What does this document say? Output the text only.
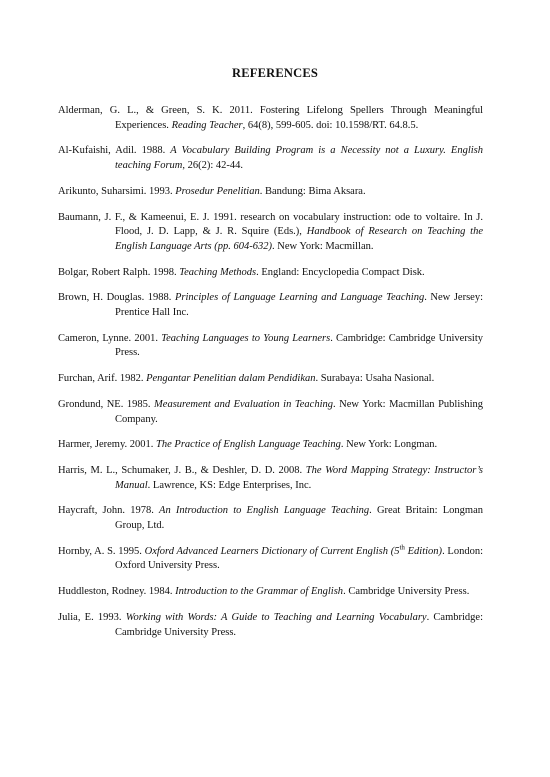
REFERENCES

Alderman, G. L., & Green, S. K. 2011. Fostering Lifelong Spellers Through Meaningful Experiences. Reading Teacher, 64(8), 599-605. doi: 10.1598/RT. 64.8.5.

Al-Kufaishi, Adil. 1988. A Vocabulary Building Program is a Necessity not a Luxury. English teaching Forum, 26(2): 42-44.

Arikunto, Suharsimi. 1993. Prosedur Penelitian. Bandung: Bima Aksara.

Baumann, J. F., & Kameenui, E. J. 1991. research on vocabulary instruction: ode to voltaire. In J. Flood, J. D. Lapp, & J. R. Squire (Eds.), Handbook of Research on Teaching the English Language Arts (pp. 604-632). New York: Macmillan.

Bolgar, Robert Ralph. 1998. Teaching Methods. England: Encyclopedia Compact Disk.

Brown, H. Douglas. 1988. Principles of Language Learning and Language Teaching. New Jersey: Prentice Hall Inc.

Cameron, Lynne. 2001. Teaching Languages to Young Learners. Cambridge: Cambridge University Press.

Furchan, Arif. 1982. Pengantar Penelitian dalam Pendidikan. Surabaya: Usaha Nasional.

Grondund, NE. 1985. Measurement and Evaluation in Teaching. New York: Macmillan Publishing Company.

Harmer, Jeremy. 2001. The Practice of English Language Teaching. New York: Longman.

Harris, M. L., Schumaker, J. B., & Deshler, D. D. 2008. The Word Mapping Strategy: Instructor’s Manual. Lawrence, KS: Edge Enterprises, Inc.

Haycraft, John. 1978. An Introduction to English Language Teaching. Great Britain: Longman Group, Ltd.

Hornby, A. S. 1995. Oxford Advanced Learners Dictionary of Current English (5th Edition). London: Oxford University Press.

Huddleston, Rodney. 1984. Introduction to the Grammar of English. Cambridge University Press.

Julia, E. 1993. Working with Words: A Guide to Teaching and Learning Vocabulary. Cambridge: Cambridge University Press.
